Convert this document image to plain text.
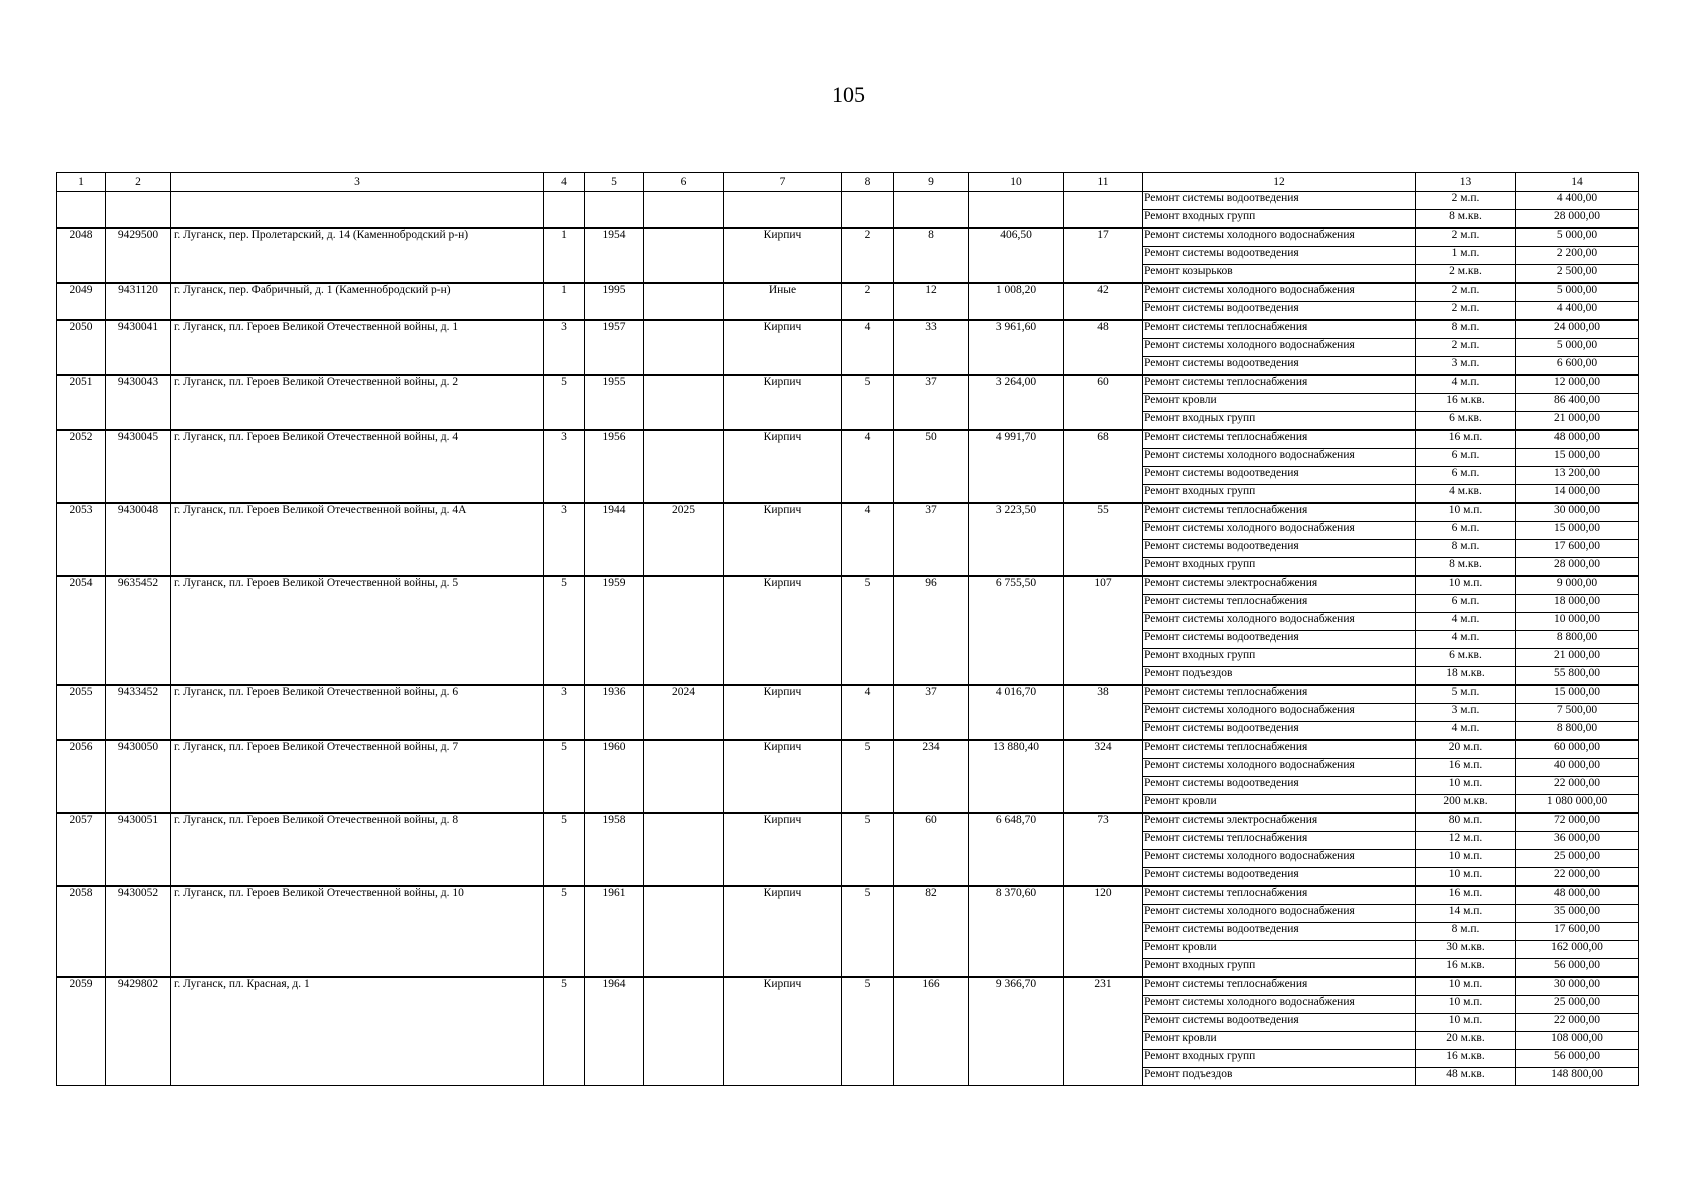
105
1	2	3	4	5	6	7	8	9	10	11	12	13	14
											Ремонт системы водоотведения	2 м.п.	4 400,00
											Ремонт входных групп	8 м.кв.	28 000,00
2048	9429500	г. Луганск, пер. Пролетарский, д. 14 (Каменнобродский р-н)	1	1954		Кирпич	2	8	406,50	17	Ремонт системы холодного водоснабжения	2 м.п.	5 000,00
											Ремонт системы водоотведения	1 м.п.	2 200,00
											Ремонт козырьков	2 м.кв.	2 500,00
2049	9431120	г. Луганск, пер. Фабричный, д. 1 (Каменнобродский р-н)	1	1995		Иные	2	12	1 008,20	42	Ремонт системы холодного водоснабжения	2 м.п.	5 000,00
											Ремонт системы водоотведения	2 м.п.	4 400,00
2050	9430041	г. Луганск, пл. Героев Великой Отечественной войны, д. 1	3	1957		Кирпич	4	33	3 961,60	48	Ремонт системы теплоснабжения	8 м.п.	24 000,00
											Ремонт системы холодного водоснабжения	2 м.п.	5 000,00
											Ремонт системы водоотведения	3 м.п.	6 600,00
2051	9430043	г. Луганск, пл. Героев Великой Отечественной войны, д. 2	5	1955		Кирпич	5	37	3 264,00	60	Ремонт системы теплоснабжения	4 м.п.	12 000,00
											Ремонт кровли	16 м.кв.	86 400,00
											Ремонт входных групп	6 м.кв.	21 000,00
2052	9430045	г. Луганск, пл. Героев Великой Отечественной войны, д. 4	3	1956		Кирпич	4	50	4 991,70	68	Ремонт системы теплоснабжения	16 м.п.	48 000,00
											Ремонт системы холодного водоснабжения	6 м.п.	15 000,00
											Ремонт системы водоотведения	6 м.п.	13 200,00
											Ремонт входных групп	4 м.кв.	14 000,00
2053	9430048	г. Луганск, пл. Героев Великой Отечественной войны, д. 4А	3	1944	2025	Кирпич	4	37	3 223,50	55	Ремонт системы теплоснабжения	10 м.п.	30 000,00
											Ремонт системы холодного водоснабжения	6 м.п.	15 000,00
											Ремонт системы водоотведения	8 м.п.	17 600,00
											Ремонт входных групп	8 м.кв.	28 000,00
2054	9635452	г. Луганск, пл. Героев Великой Отечественной войны, д. 5	5	1959		Кирпич	5	96	6 755,50	107	Ремонт системы электроснабжения	10 м.п.	9 000,00
											Ремонт системы теплоснабжения	6 м.п.	18 000,00
											Ремонт системы холодного водоснабжения	4 м.п.	10 000,00
											Ремонт системы водоотведения	4 м.п.	8 800,00
											Ремонт входных групп	6 м.кв.	21 000,00
											Ремонт подъездов	18 м.кв.	55 800,00
2055	9433452	г. Луганск, пл. Героев Великой Отечественной войны, д. 6	3	1936	2024	Кирпич	4	37	4 016,70	38	Ремонт системы теплоснабжения	5 м.п.	15 000,00
											Ремонт системы холодного водоснабжения	3 м.п.	7 500,00
											Ремонт системы водоотведения	4 м.п.	8 800,00
2056	9430050	г. Луганск, пл. Героев Великой Отечественной войны, д. 7	5	1960		Кирпич	5	234	13 880,40	324	Ремонт системы теплоснабжения	20 м.п.	60 000,00
											Ремонт системы холодного водоснабжения	16 м.п.	40 000,00
											Ремонт системы водоотведения	10 м.п.	22 000,00
											Ремонт кровли	200 м.кв.	1 080 000,00
2057	9430051	г. Луганск, пл. Героев Великой Отечественной войны, д. 8	5	1958		Кирпич	5	60	6 648,70	73	Ремонт системы электроснабжения	80 м.п.	72 000,00
											Ремонт системы теплоснабжения	12 м.п.	36 000,00
											Ремонт системы холодного водоснабжения	10 м.п.	25 000,00
											Ремонт системы водоотведения	10 м.п.	22 000,00
2058	9430052	г. Луганск, пл. Героев Великой Отечественной войны, д. 10	5	1961		Кирпич	5	82	8 370,60	120	Ремонт системы теплоснабжения	16 м.п.	48 000,00
											Ремонт системы холодного водоснабжения	14 м.п.	35 000,00
											Ремонт системы водоотведения	8 м.п.	17 600,00
											Ремонт кровли	30 м.кв.	162 000,00
											Ремонт входных групп	16 м.кв.	56 000,00
2059	9429802	г. Луганск, пл. Красная, д. 1	5	1964		Кирпич	5	166	9 366,70	231	Ремонт системы теплоснабжения	10 м.п.	30 000,00
											Ремонт системы холодного водоснабжения	10 м.п.	25 000,00
											Ремонт системы водоотведения	10 м.п.	22 000,00
											Ремонт кровли	20 м.кв.	108 000,00
											Ремонт входных групп	16 м.кв.	56 000,00
											Ремонт подъездов	48 м.кв.	148 800,00
